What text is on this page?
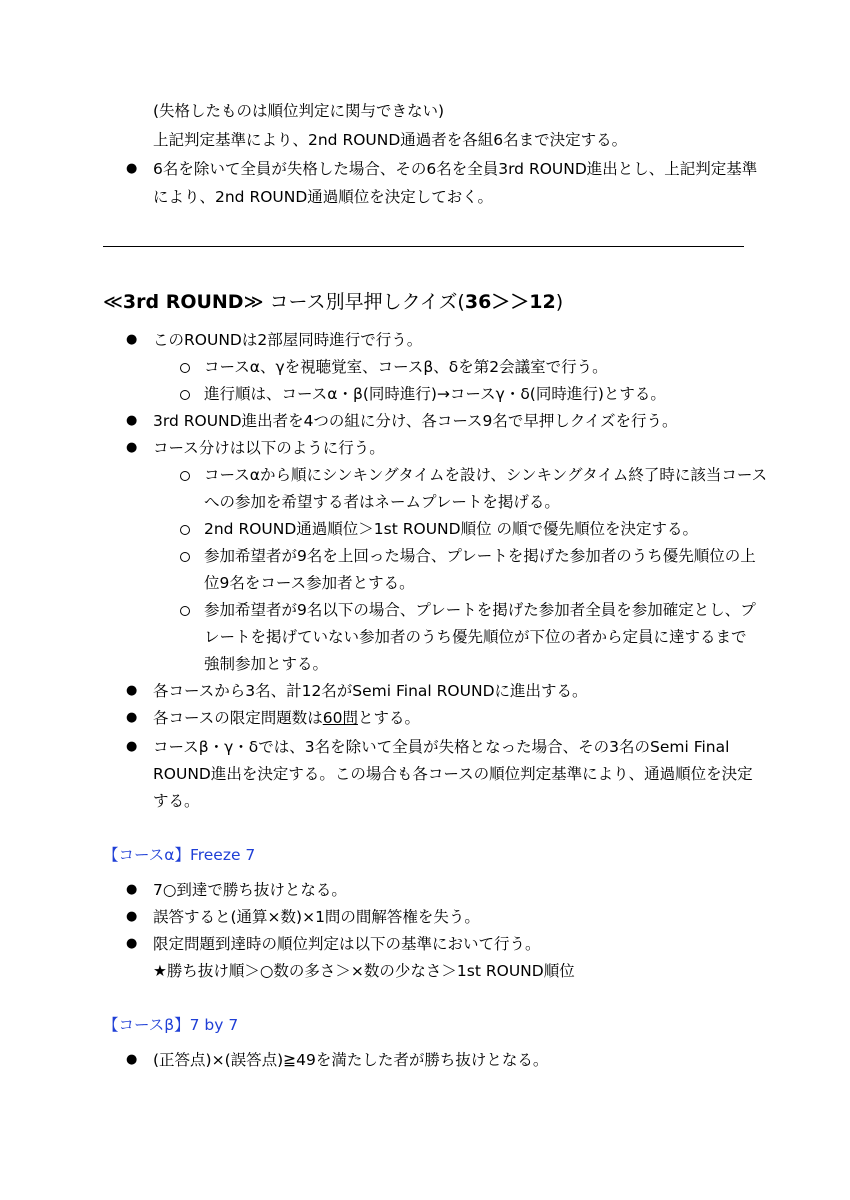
(失格したものは順位判定に関与できない)
上記判定基準により、2nd ROUND通過者を各組6名まで決定する。
● 6名を除いて全員が失格した場合、その6名を全員3rd ROUND進出とし、上記判定基準
により、2nd ROUND通過順位を決定しておく。
≪3rd ROUND≫ コース別早押しクイズ(36＞＞12)
● このROUNDは2部屋同時進行で行う。
コースα、γを視聴覚室、コースβ、δを第2会議室で行う。
進行順は、コースα・β(同時進行)→コースγ・δ(同時進行)とする。
● 3rd ROUND進出者を4つの組に分け、各コース9名で早押しクイズを行う。
● コース分けは以下のように行う。
コースαから順にシンキングタイムを設け、シンキングタイム終了時に該当コース
への参加を希望する者はネームプレートを掲げる。
2nd ROUND通過順位＞1st ROUND順位 の順で優先順位を決定する。
参加希望者が9名を上回った場合、プレートを掲げた参加者のうち優先順位の上
位9名をコース参加者とする。
参加希望者が9名以下の場合、プレートを掲げた参加者全員を参加確定とし、プ
レートを掲げていない参加者のうち優先順位が下位の者から定員に達するまで
強制参加とする。
● 各コースから3名、計12名がSemi Final ROUNDに進出する。
● 各コースの限定問題数は60問とする。
● コースβ・γ・δでは、3名を除いて全員が失格となった場合、その3名のSemi Final
ROUND進出を決定する。この場合も各コースの順位判定基準により、通過順位を決定
する。
【コースα】Freeze 7
● 7○到達で勝ち抜けとなる。
● 誤答すると(通算×数)×1問の間解答権を失う。
● 限定問題到達時の順位判定は以下の基準において行う。
★勝ち抜け順＞○数の多さ＞×数の少なさ＞1st ROUND順位
【コースβ】7 by 7
● (正答点)×(誤答点)≧49を満たした者が勝ち抜けとなる。
